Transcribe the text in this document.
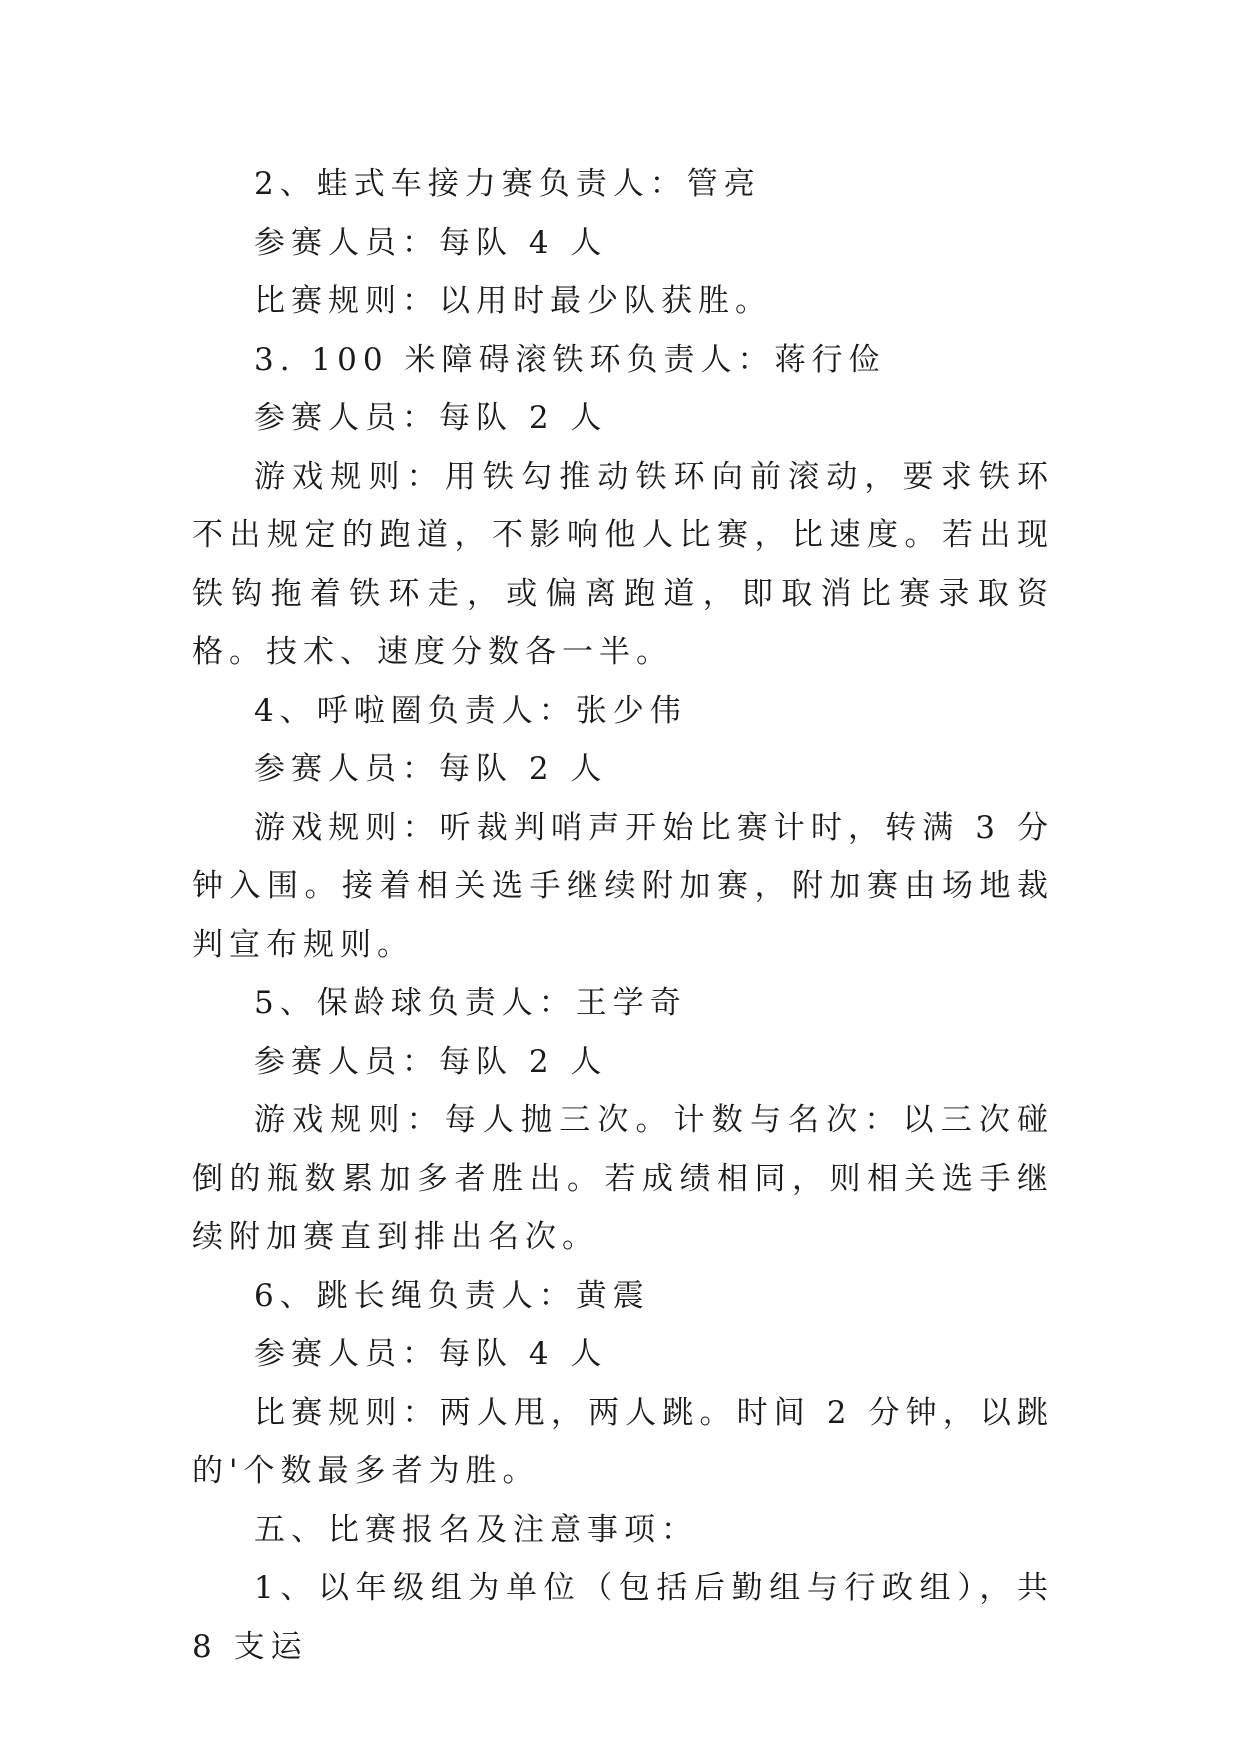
2、蛙式车接力赛负责人：管亮

参赛人员：每队 4 人

比赛规则：以用时最少队获胜。

3. 100 米障碍滚铁环负责人：蒋行俭

参赛人员：每队 2 人

游戏规则：用铁勾推动铁环向前滚动，要求铁环不出规定的跑道，不影响他人比赛，比速度。若出现铁钩拖着铁环走，或偏离跑道，即取消比赛录取资格。技术、速度分数各一半。

4、呼啦圈负责人：张少伟

参赛人员：每队 2 人

游戏规则：听裁判哨声开始比赛计时，转满 3 分钟入围。接着相关选手继续附加赛，附加赛由场地裁判宣布规则。

5、保龄球负责人：王学奇

参赛人员：每队 2 人

游戏规则：每人抛三次。计数与名次：以三次碰倒的瓶数累加多者胜出。若成绩相同，则相关选手继续附加赛直到排出名次。

6、跳长绳负责人：黄震

参赛人员：每队 4 人

比赛规则：两人甩，两人跳。时间 2 分钟，以跳的'个数最多者为胜。

五、比赛报名及注意事项：

1、以年级组为单位（包括后勤组与行政组），共 8 支运
